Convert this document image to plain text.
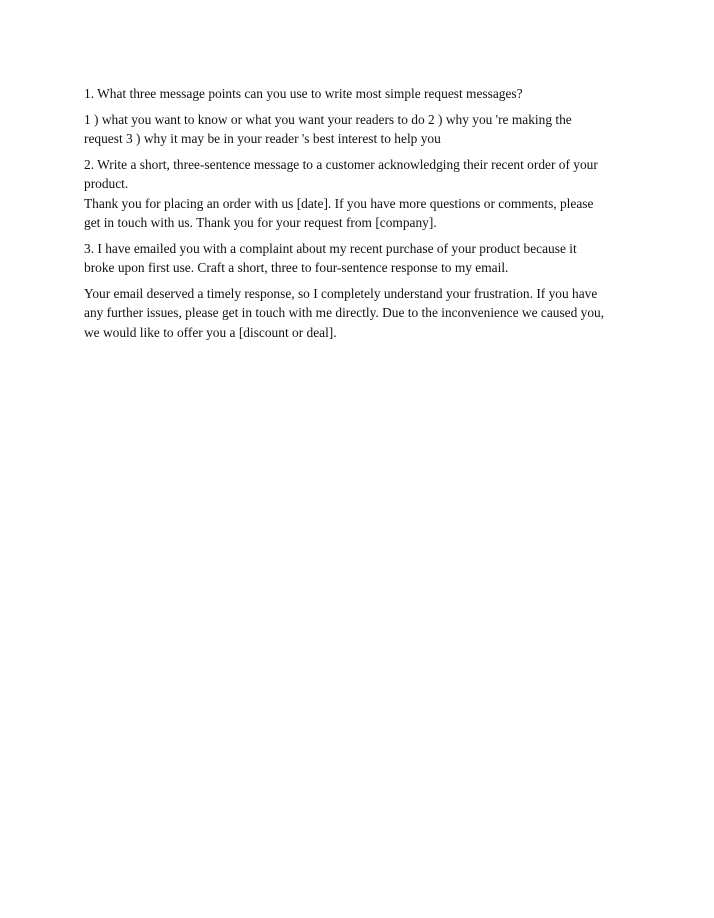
1. What three message points can you use to write most simple request messages?
1 ) what you want to know or what you want your readers to do 2 ) why you 're making the
request 3 ) why it may be in your reader 's best interest to help you
2. Write a short, three-sentence message to a customer acknowledging their recent order of your
product.
Thank you for placing an order with us [date]. If you have more questions or comments, please
get in touch with us. Thank you for your request from [company].
3. I have emailed you with a complaint about my recent purchase of your product because it
broke upon first use. Craft a short, three to four-sentence response to my email.
Your email deserved a timely response, so I completely understand your frustration. If you have
any further issues, please get in touch with me directly. Due to the inconvenience we caused you,
we would like to offer you a [discount or deal].
